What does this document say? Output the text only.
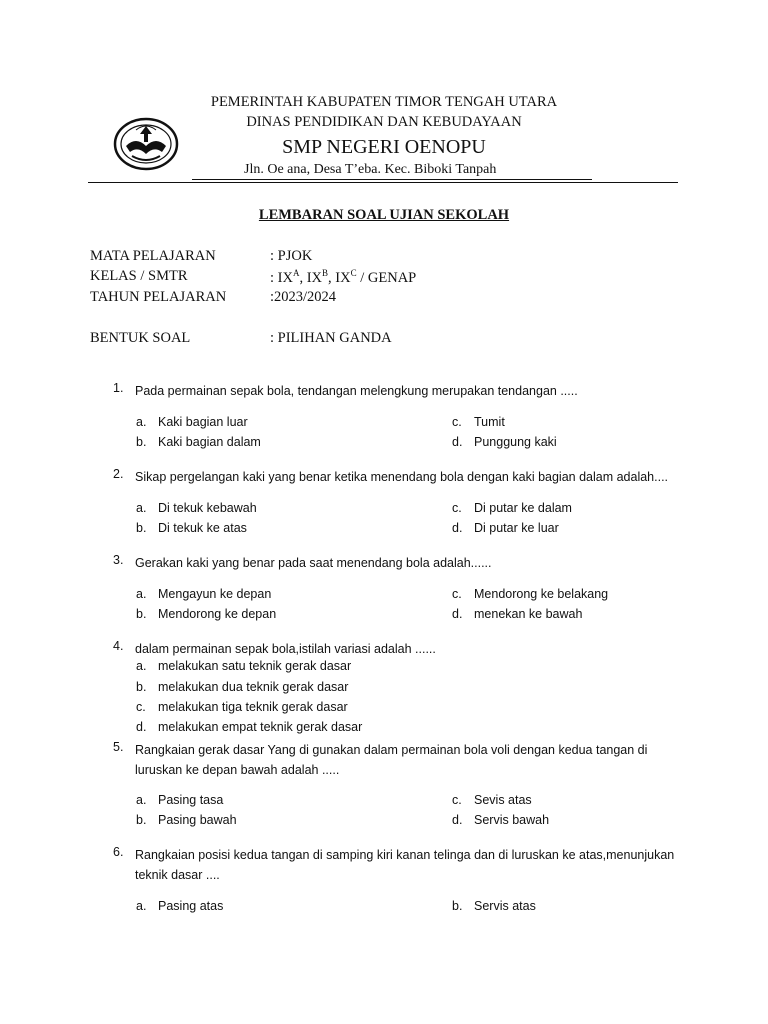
PEMERINTAH KABUPATEN TIMOR TENGAH UTARA
DINAS PENDIDIKAN DAN KEBUDAYAAN
SMP NEGERI OENOPU
Jln. Oe ana, Desa T’eba. Kec. Biboki Tanpah
LEMBARAN SOAL UJIAN SEKOLAH
MATA PELAJARAN	: PJOK
KELAS / SMTR	: $IX^A$, $IX^B$, $IX^C$ / GENAP
TAHUN PELAJARAN	:2023/2024
BENTUK SOAL	: PILIHAN GANDA
1. Pada permainan sepak bola, tendangan melengkung merupakan tendangan .....
a. Kaki bagian luar
b. Kaki bagian dalam
c. Tumit
d. Punggung kaki
2. Sikap pergelangan kaki yang benar ketika menendang bola dengan kaki bagian dalam adalah....
a. Di tekuk kebawah
b. Di tekuk ke atas
c. Di putar ke dalam
d. Di putar ke luar
3. Gerakan kaki yang benar pada saat menendang bola adalah......
a. Mengayun ke depan
b. Mendorong ke depan
c. Mendorong ke belakang
d. menekan ke bawah
4. dalam permainan sepak bola,istilah variasi adalah ......
a. melakukan satu teknik gerak dasar
b. melakukan dua teknik gerak dasar
c. melakukan tiga teknik gerak dasar
d. melakukan empat teknik gerak dasar
5. Rangkaian gerak dasar Yang di gunakan dalam permainan bola voli dengan kedua tangan di luruskan ke depan bawah adalah .....
a. Pasing tasa
b. Pasing bawah
c. Sevis atas
d. Servis bawah
6. Rangkaian posisi kedua tangan di samping kiri kanan telinga dan di luruskan ke atas,menunjukan teknik dasar ....
a. Pasing atas	b. Servis atas
